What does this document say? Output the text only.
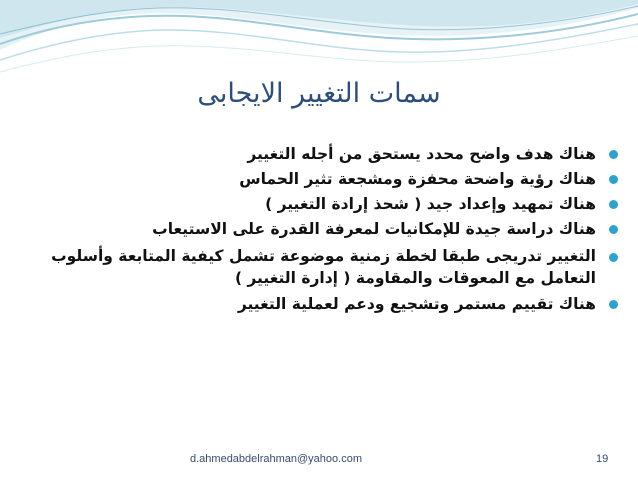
سمات التغيير الايجابى
هناك هدف واضح محدد يستحق من أجله التغيير
هناك رؤية واضحة محفزة ومشجعة تثير الحماس
هناك تمهيد وإعداد جيد ( شحذ إرادة التغيير )
هناك دراسة جيدة للإمكانيات لمعرفة القدرة على الاستيعاب
التغيير تدريجى طبقا لخطة زمنية موضوعة تشمل كيفية المتابعة وأسلوب التعامل مع المعوقات والمقاومة ( إدارة التغيير )
هناك تقييم مستمر وتشجيع ودعم لعملية التغيير
d.ahmedabdelrahman@yahoo.com	19
